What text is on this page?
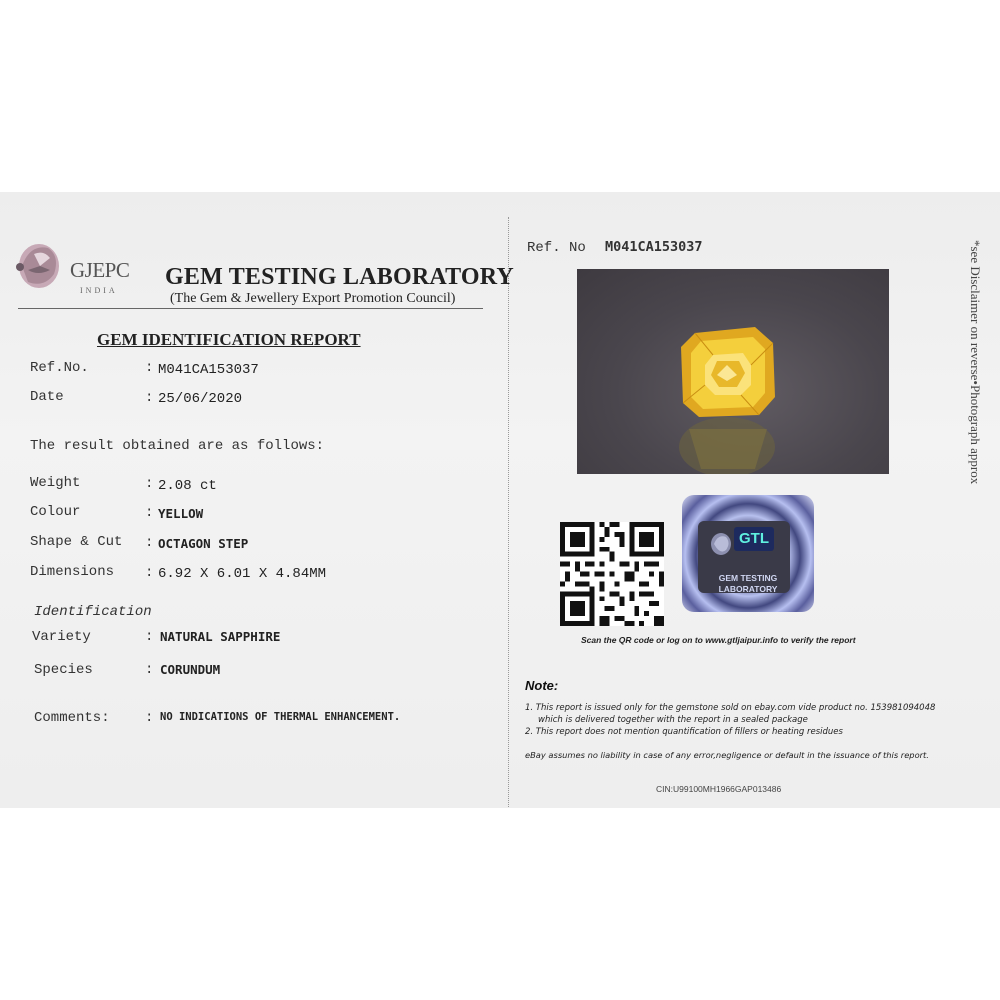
GJEPC
INDIA
GEM TESTING LABORATORY
(The Gem & Jewellery Export Promotion Council)
GEM IDENTIFICATION REPORT
Ref.No.	: M041CA153037
Date	: 25/06/2020
The result obtained are as follows:
Weight	: 2.08 ct
Colour	: YELLOW
Shape & Cut : OCTAGON STEP
Dimensions : 6.92 X 6.01 X 4.84MM
Identification
Variety	: NATURAL SAPPHIRE
Species	: CORUNDUM
Comments:	: NO INDICATIONS OF THERMAL ENHANCEMENT.
Ref. No M041CA153037
GTL
GEM TESTING
LABORATORY
Scan the QR code or log on to www.gtljaipur.info to verify the report
Note:
1. This report is issued only for the gemstone sold on ebay.com vide product no. 153981094048
which is delivered together with the report in a sealed package
2. This report does not mention quantification of fillers or heating residues
eBay assumes no liability in case of any error,negligence or default in the issuance of this report.
CIN:U99100MH1966GAP013486
*see Disclaimer on reverse•Photograph approx
